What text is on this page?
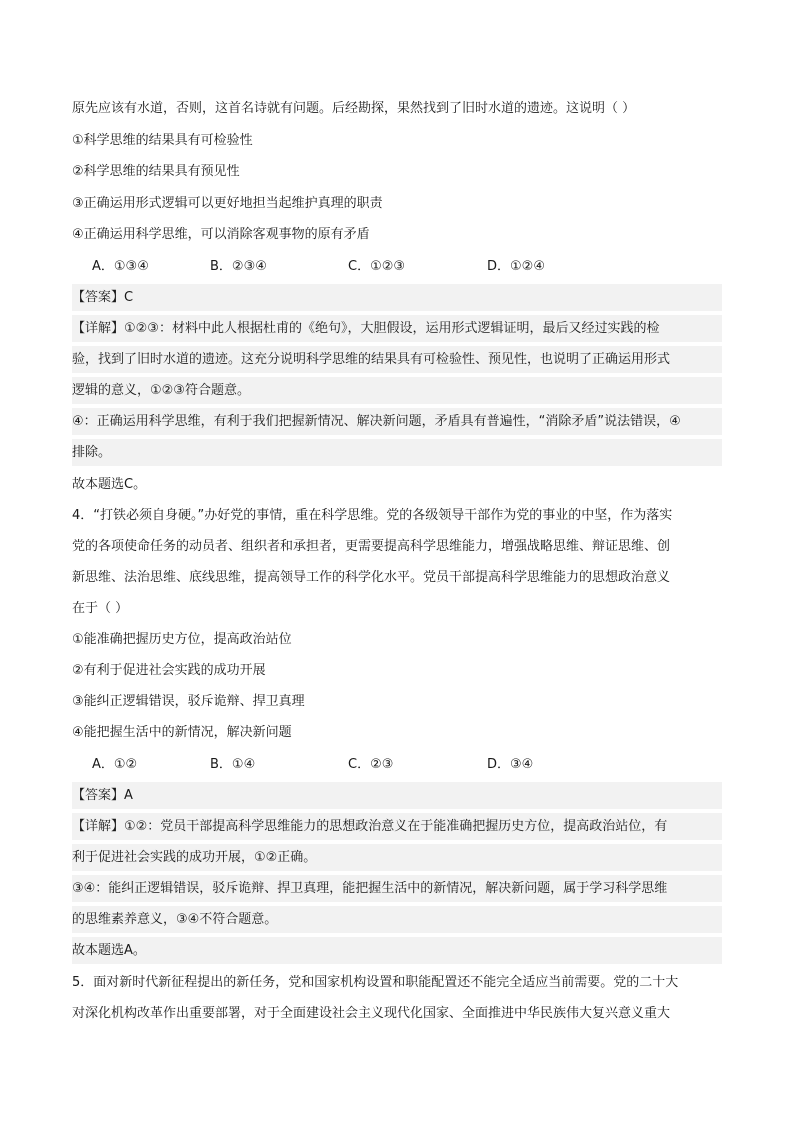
原先应该有水道，否则，这首名诗就有问题。后经勘探，果然找到了旧时水道的遗迹。这说明（ ）
①科学思维的结果具有可检验性
②科学思维的结果具有预见性
③正确运用形式逻辑可以更好地担当起维护真理的职责
④正确运用科学思维，可以消除客观事物的原有矛盾
A．①③④	B．②③④	C．①②③	D．①②④
【答案】C
【详解】①②③：材料中此人根据杜甫的《绝句》，大胆假设，运用形式逻辑证明，最后又经过实践的检
验，找到了旧时水道的遗迹。这充分说明科学思维的结果具有可检验性、预见性，也说明了正确运用形式
逻辑的意义，①②③符合题意。
④：正确运用科学思维，有利于我们把握新情况、解决新问题，矛盾具有普遍性，“消除矛盾”说法错误，④
排除。
故本题选C。
4．“打铁必须自身硬。”办好党的事情，重在科学思维。党的各级领导干部作为党的事业的中坚，作为落实
党的各项使命任务的动员者、组织者和承担者，更需要提高科学思维能力，增强战略思维、辩证思维、创
新思维、法治思维、底线思维，提高领导工作的科学化水平。党员干部提高科学思维能力的思想政治意义
在于（ ）
①能准确把握历史方位，提高政治站位
②有利于促进社会实践的成功开展
③能纠正逻辑错误，驳斥诡辩、捍卫真理
④能把握生活中的新情况，解决新问题
A．①②	B．①④	C．②③	D．③④
【答案】A
【详解】①②：党员干部提高科学思维能力的思想政治意义在于能准确把握历史方位，提高政治站位，有
利于促进社会实践的成功开展，①②正确。
③④：能纠正逻辑错误，驳斥诡辩、捍卫真理，能把握生活中的新情况，解决新问题，属于学习科学思维
的思维素养意义，③④不符合题意。
故本题选A。
5．面对新时代新征程提出的新任务，党和国家机构设置和职能配置还不能完全适应当前需要。党的二十大
对深化机构改革作出重要部署，对于全面建设社会主义现代化国家、全面推进中华民族伟大复兴意义重大
